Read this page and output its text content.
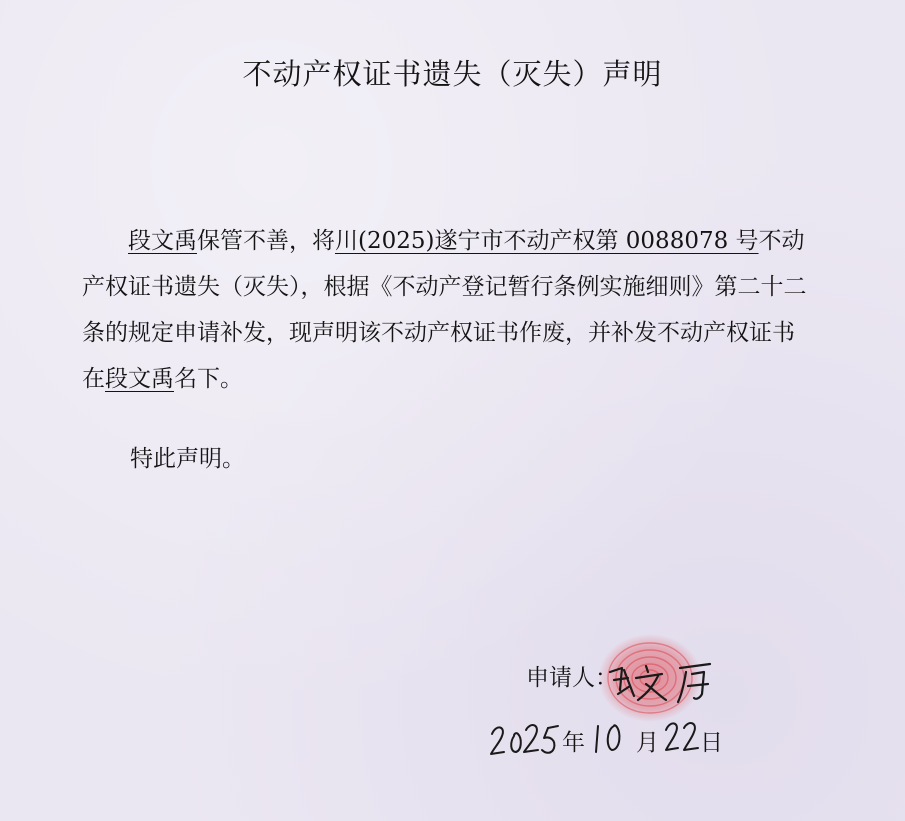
不动产权证书遗失（灭失）声明
段文禹保管不善，将川(2025)遂宁市不动产权第 0088078 号不动产权证书遗失（灭失），根据《不动产登记暂行条例实施细则》第二十二条的规定申请补发，现声明该不动产权证书作废，并补发不动产权证书在段文禹名下。
特此声明。
申请人：
年 月 日
